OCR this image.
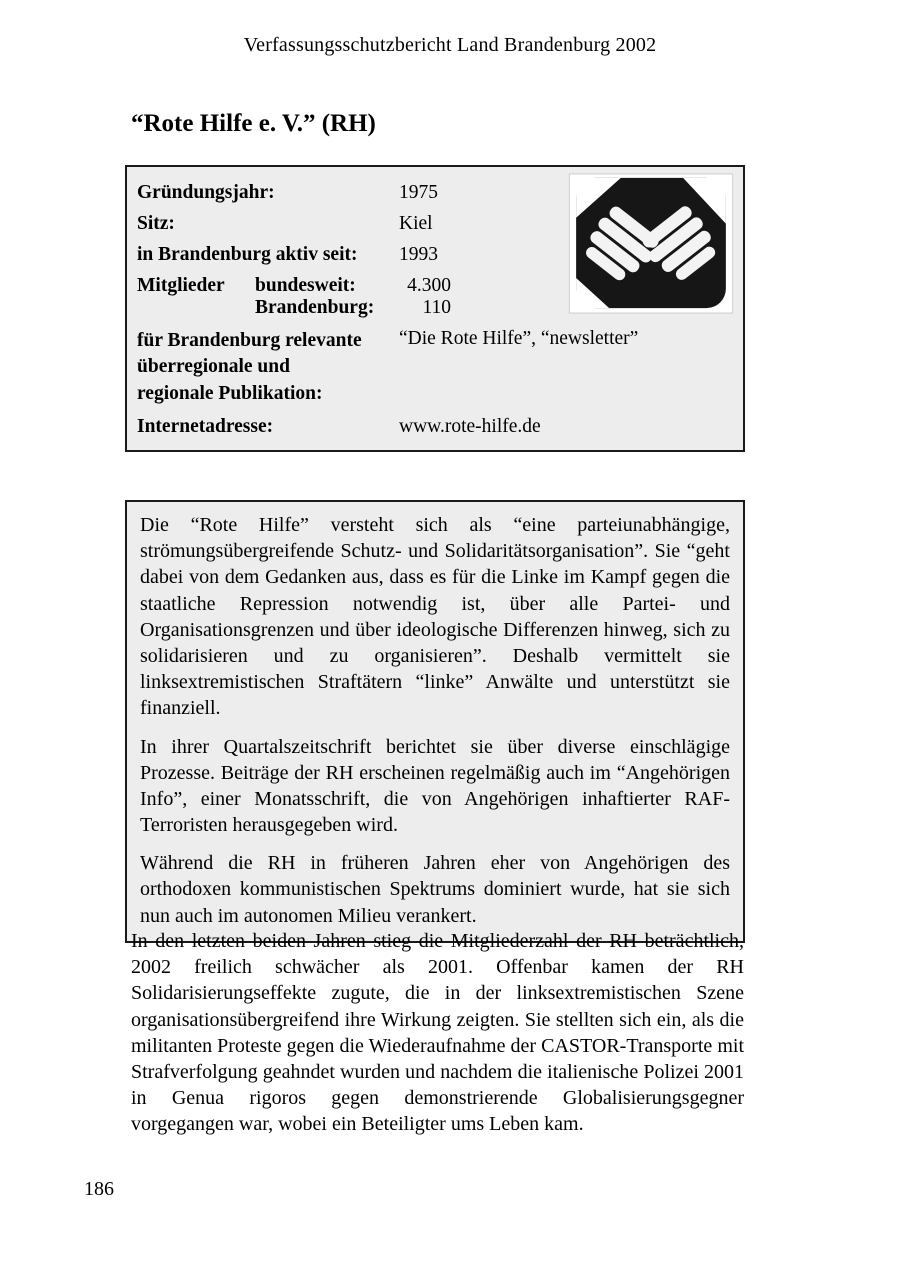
Verfassungsschutzbericht Land Brandenburg 2002
“Rote Hilfe e. V.” (RH)
Gründungsjahr:	1975
Sitz:	Kiel
in Brandenburg aktiv seit:	1993
Mitglieder	bundesweit:	4.300
Brandenburg:	110
für Brandenburg relevante
überregionale und
regionale Publikation:
“Die Rote Hilfe”, “newsletter”
Internetadresse:	www.rote-hilfe.de

Die “Rote Hilfe” versteht sich als “eine parteiunabhängige, strömungsübergreifende Schutz- und Solidaritätsorganisation”. Sie “geht dabei von dem Gedanken aus, dass es für die Linke im Kampf gegen die staatliche Repression notwendig ist, über alle Partei- und Organisationsgrenzen und über ideologische Differenzen hinweg, sich zu solidarisieren und zu organisieren”. Deshalb vermittelt sie linksextremistischen Straftätern “linke” Anwälte und unterstützt sie finanziell.

In ihrer Quartalszeitschrift berichtet sie über diverse einschlägige Prozesse. Beiträge der RH erscheinen regelmäßig auch im “Angehörigen Info”, einer Monatsschrift, die von Angehörigen inhaftierter RAF-Terroristen herausgegeben wird.

Während die RH in früheren Jahren eher von Angehörigen des orthodoxen kommunistischen Spektrums dominiert wurde, hat sie sich nun auch im autonomen Milieu verankert.

In den letzten beiden Jahren stieg die Mitgliederzahl der RH beträchtlich, 2002 freilich schwächer als 2001. Offenbar kamen der RH Solidarisierungseffekte zugute, die in der linksextremistischen Szene organisationsübergreifend ihre Wirkung zeigten. Sie stellten sich ein, als die militanten Proteste gegen die Wiederaufnahme der CASTOR-Transporte mit Strafverfolgung geahndet wurden und nachdem die italienische Polizei 2001 in Genua rigoros gegen demonstrierende Globalisierungsgegner vorgegangen war, wobei ein Beteiligter ums Leben kam.
186
